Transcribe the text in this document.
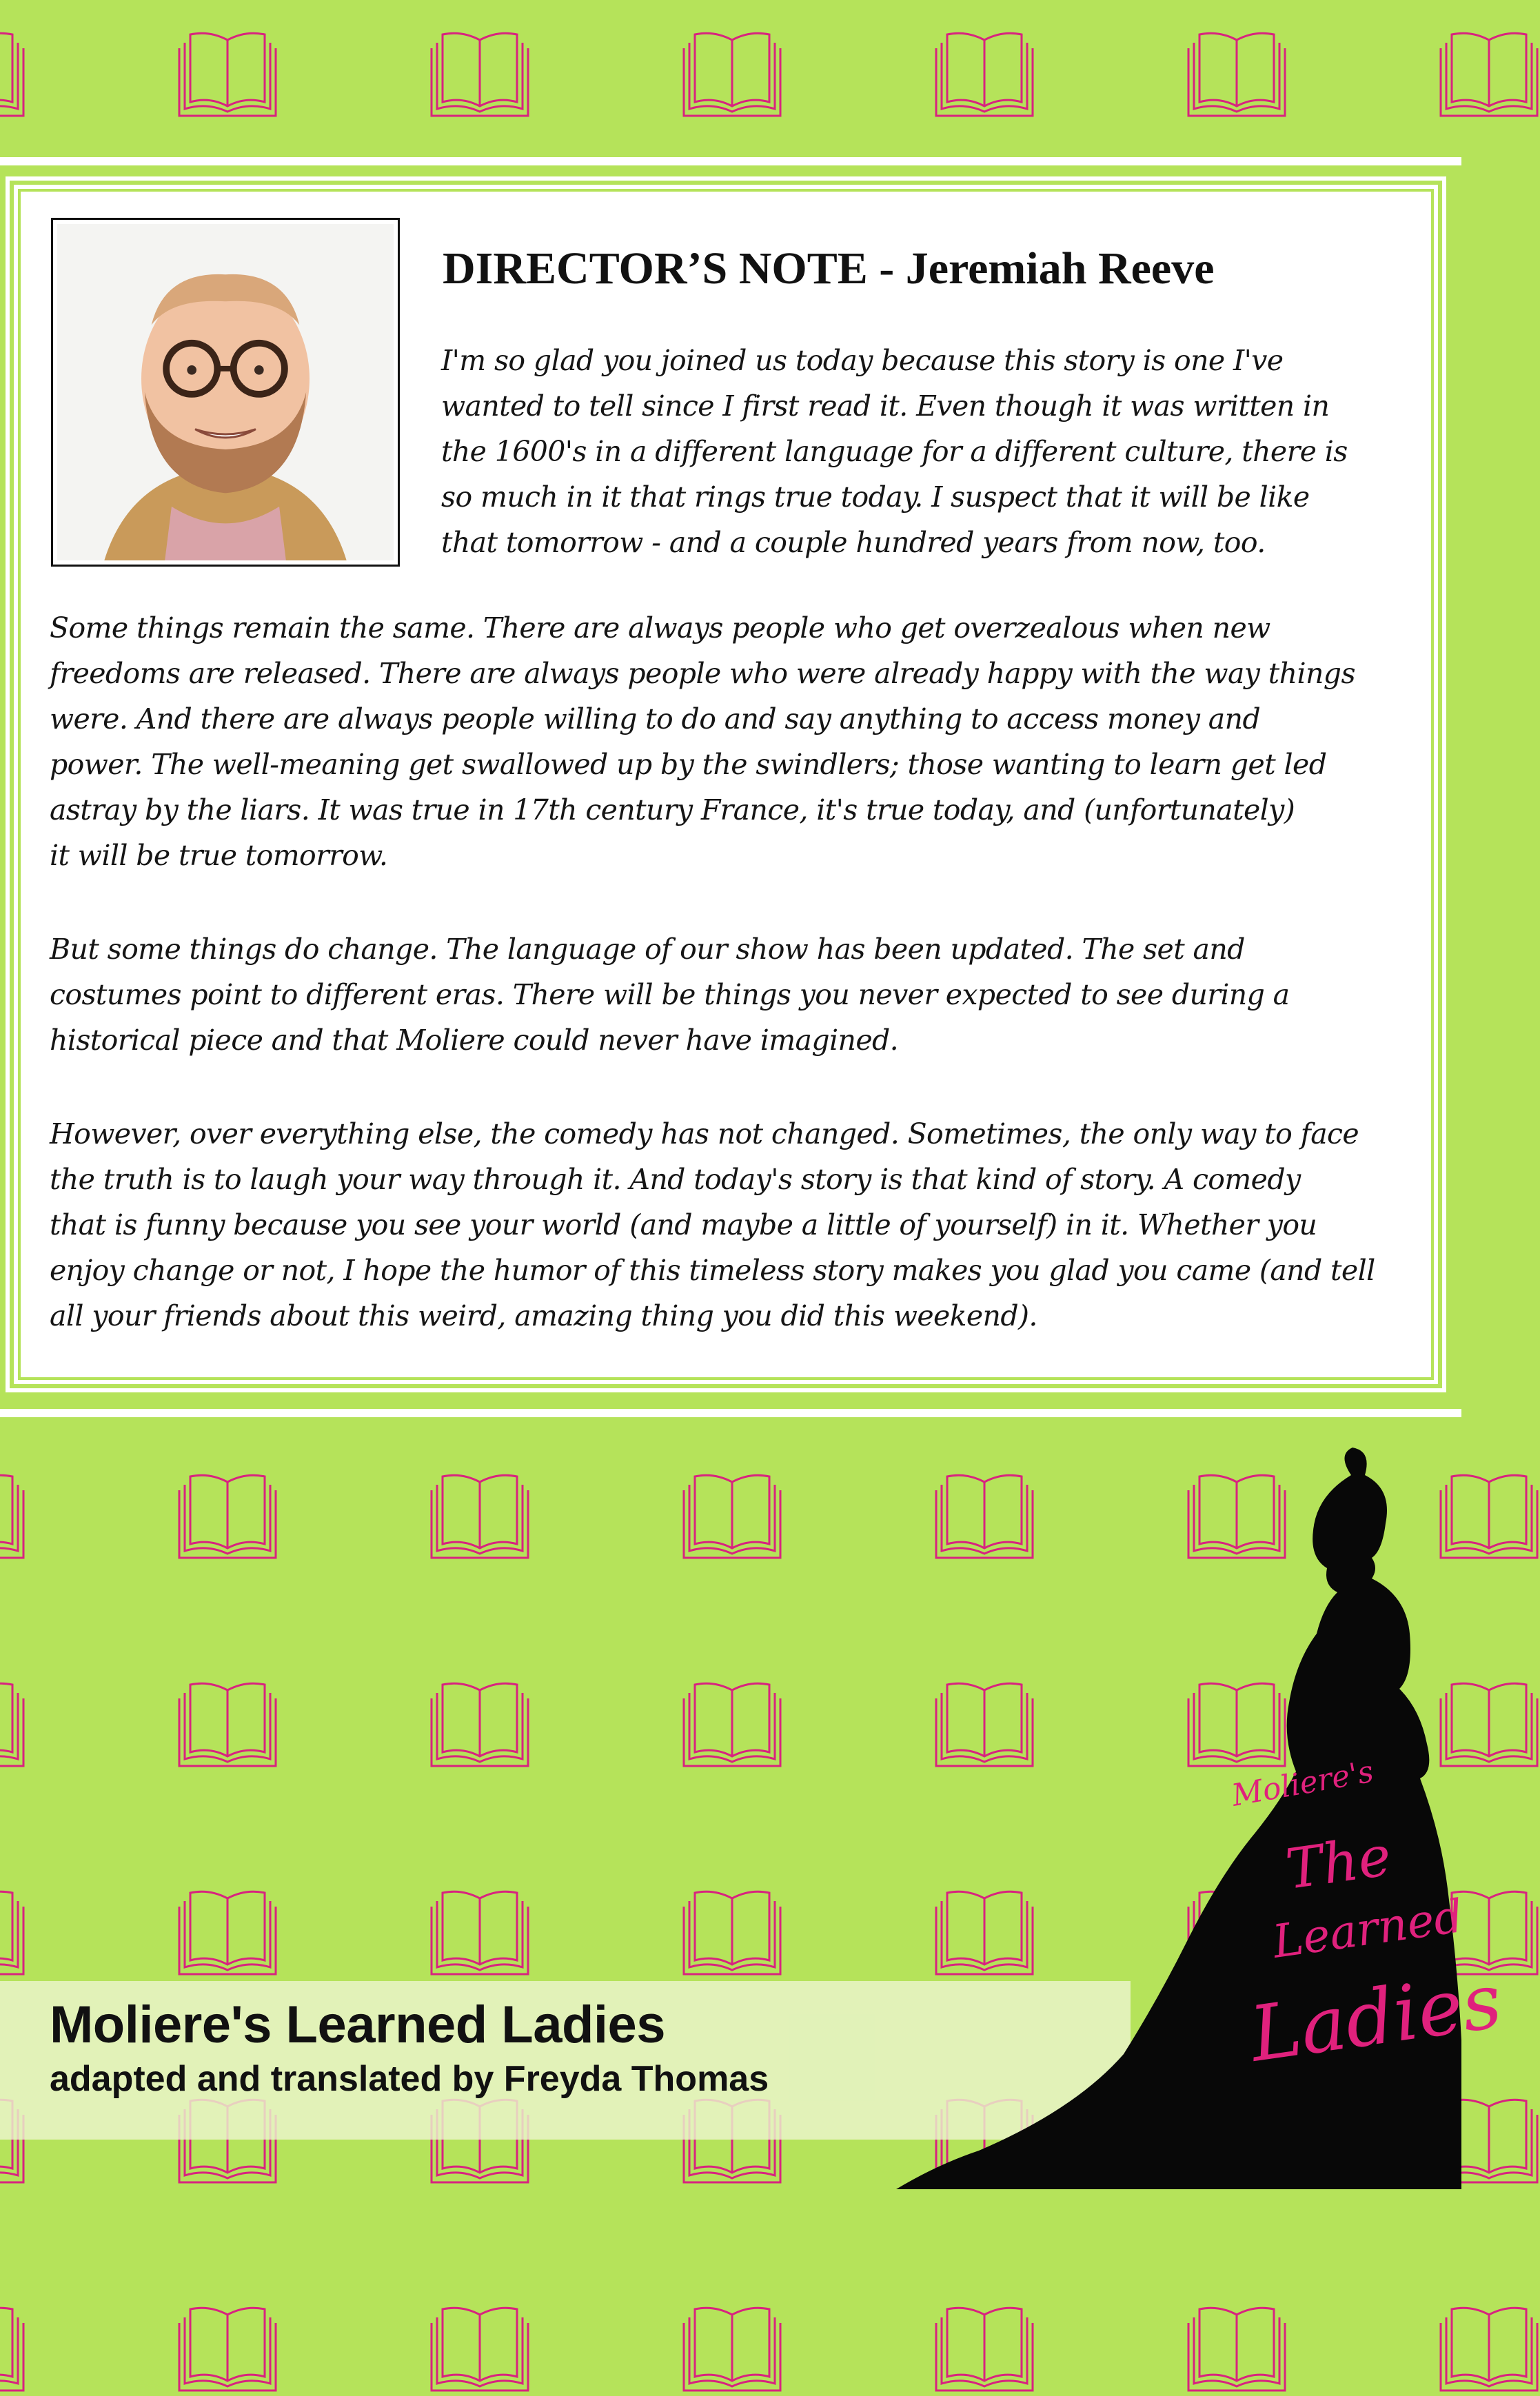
DIRECTOR’S NOTE - Jeremiah Reeve
I'm so glad you joined us today because this story is one I've
wanted to tell since I first read it. Even though it was written in
the 1600's in a different language for a different culture, there is
so much in it that rings true today. I suspect that it will be like
that tomorrow - and a couple hundred years from now, too.
Some things remain the same. There are always people who get overzealous when new
freedoms are released. There are always people who were already happy with the way things
were. And there are always people willing to do and say anything to access money and
power. The well-meaning get swallowed up by the swindlers; those wanting to learn get led
astray by the liars. It was true in 17th century France, it's true today, and (unfortunately)
it will be true tomorrow.
But some things do change. The language of our show has been updated. The set and
costumes point to different eras. There will be things you never expected to see during a
historical piece and that Moliere could never have imagined.
However, over everything else, the comedy has not changed. Sometimes, the only way to face
the truth is to laugh your way through it. And today's story is that kind of story. A comedy
that is funny because you see your world (and maybe a little of yourself) in it. Whether you
enjoy change or not, I hope the humor of this timeless story makes you glad you came (and tell
all your friends about this weird, amazing thing you did this weekend).
Moliere's Learned Ladies
adapted and translated by Freyda Thomas
Moliere's
The
Learned
Ladies
